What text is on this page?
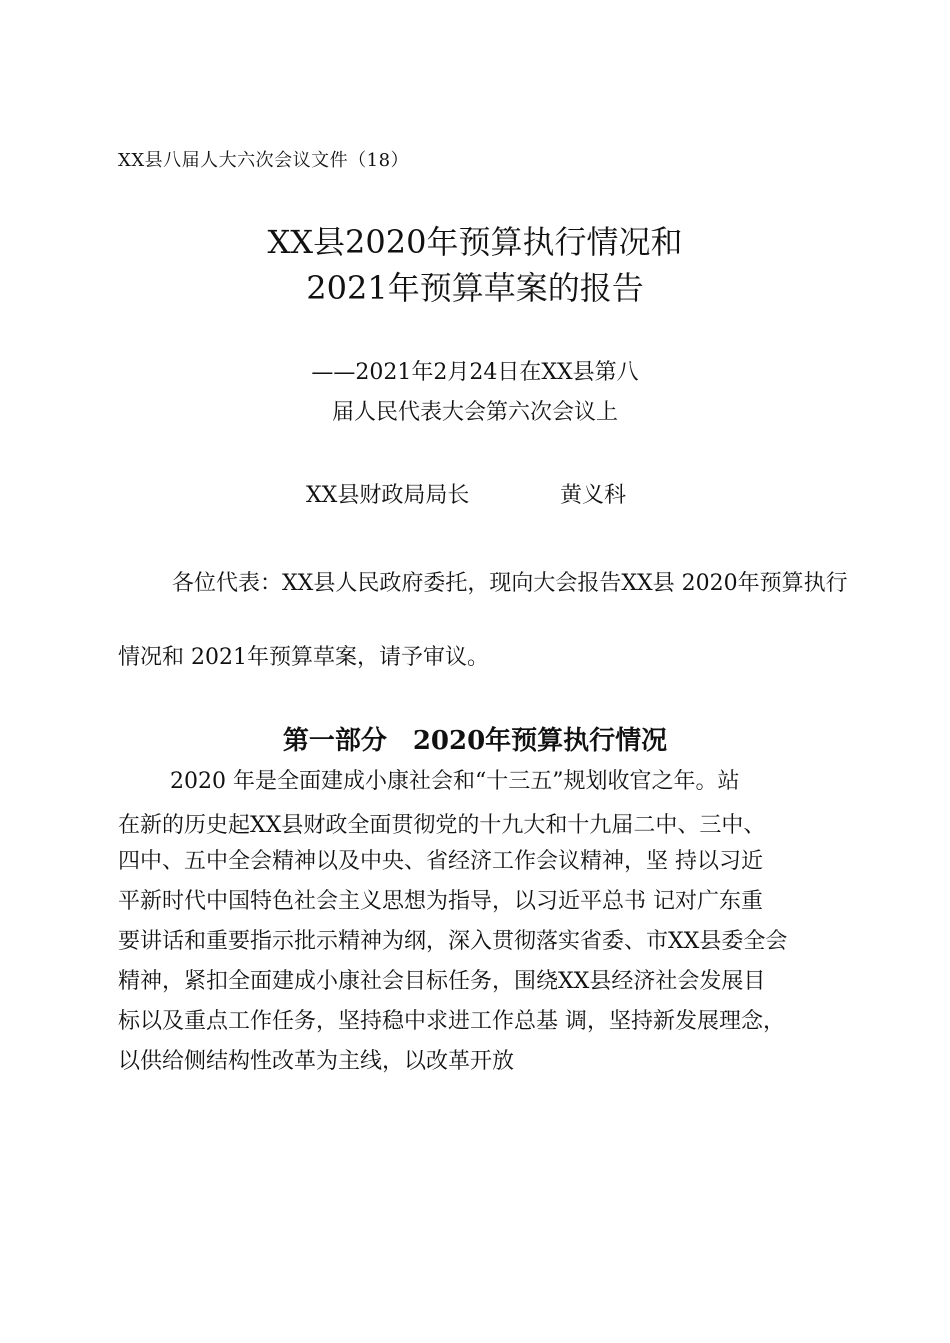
XX县八届人大六次会议文件（18）
XX县2020年预算执行情况和
2021年预算草案的报告
——2021年2月24日在XX县第八
届人民代表大会第六次会议上
XX县财政局局长	黄义科
各位代表：XX县人民政府委托，现向大会报告XX县 2020年预算执行
情况和 2021年预算草案，请予审议。
第一部分　2020年预算执行情况
2020 年是全面建成小康社会和“十三五”规划收官之年。站
在新的历史起XX县财政全面贯彻党的十九大和十九届二中、三中、
四中、五中全会精神以及中央、省经济工作会议精神，坚 持以习近
平新时代中国特色社会主义思想为指导，以习近平总书 记对广东重
要讲话和重要指示批示精神为纲，深入贯彻落实省委、市XX县委全会
精神，紧扣全面建成小康社会目标任务，围绕XX县经济社会发展目
标以及重点工作任务，坚持稳中求进工作总基 调，坚持新发展理念，
以供给侧结构性改革为主线，以改革开放
